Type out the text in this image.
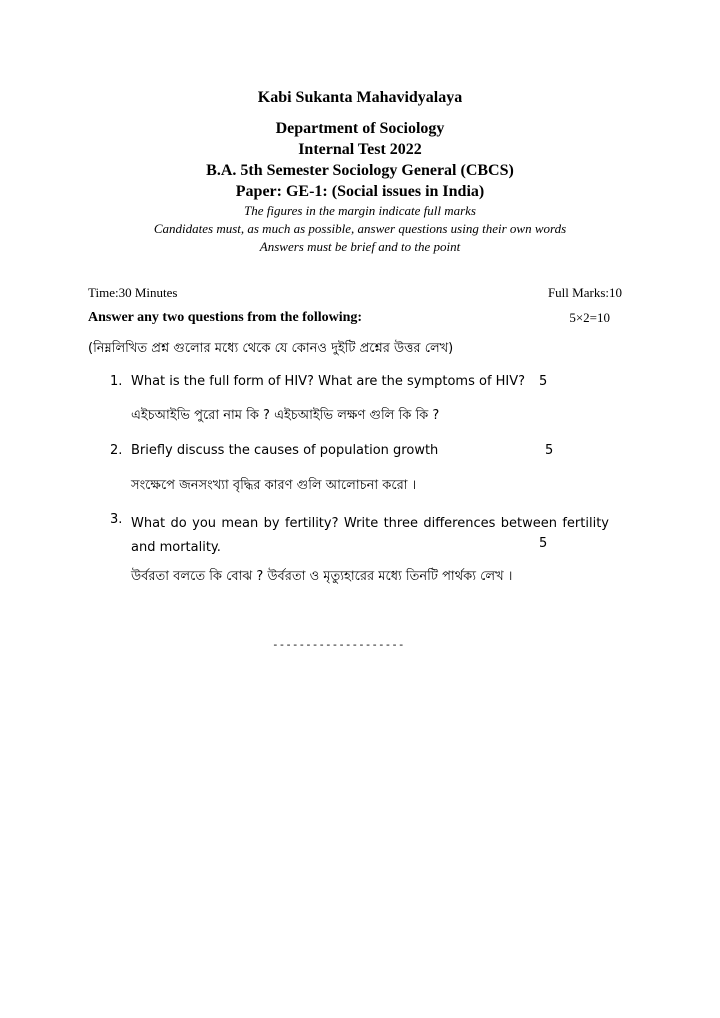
Kabi Sukanta Mahavidyalaya
Department of Sociology
Internal Test 2022
B.A. 5th Semester Sociology General (CBCS)
Paper: GE-1: (Social issues in India)
The figures in the margin indicate full marks
Candidates must, as much as possible, answer questions using their own words
Answers must be brief and to the point
Time:30 Minutes	Full Marks:10
Answer any two questions from the following:	5×2=10
(নিম্নলিখিত প্রশ্ন গুলোর মধ্যে থেকে যে কোনও দুইটি প্রশ্নের উত্তর লেখ)
1. What is the full form of HIV? What are the symptoms of HIV? 5
এইচআইভি পুরো নাম কি ? এইচআইভি লক্ষণ গুলি কি কি ?
2. Briefly discuss the causes of population growth	5
সংক্ষেপে জনসংখ্যা বৃদ্ধির কারণ গুলি আলোচনা করো ।
3. What do you mean by fertility? Write three differences between fertility and mortality.	5
উর্বরতা বলতে কি বোঝ ? উর্বরতা ও মৃত্যুহারের মধ্যে তিনটি পার্থক্য লেখ ।
--------------------
